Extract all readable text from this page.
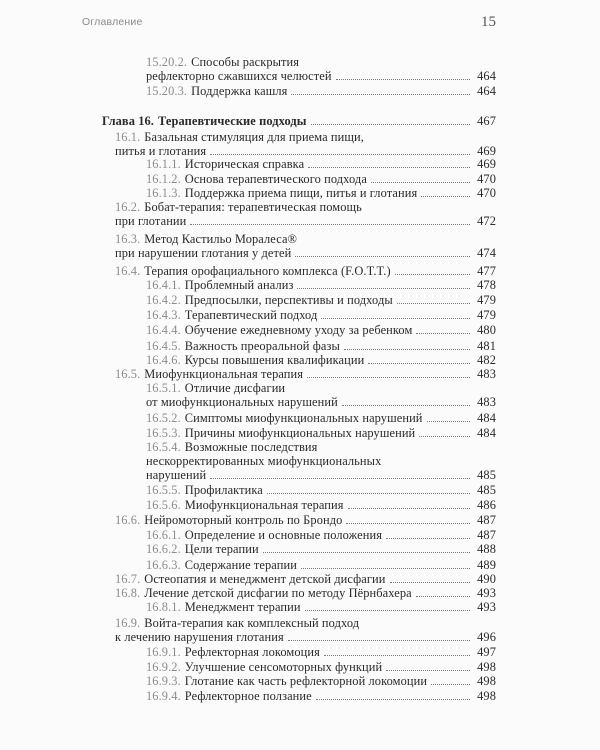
Оглавление	15
15.20.2. Способы раскрытия
рефлекторно сжавшихся челюстей	464
15.20.3. Поддержка кашля	464
Глава 16. Терапевтические подходы	467
16.1. Базальная стимуляция для приема пищи,
питья и глотания	469
16.1.1. Историческая справка	469
16.1.2. Основа терапевтического подхода	470
16.1.3. Поддержка приема пищи, питья и глотания	470
16.2. Бобат-терапия: терапевтическая помощь
при глотании	472
16.3. Метод Кастильо Моралеса®
при нарушении глотания у детей	474
16.4. Терапия орофациального комплекса (F.O.T.T.)	477
16.4.1. Проблемный анализ	478
16.4.2. Предпосылки, перспективы и подходы	479
16.4.3. Терапевтический подход	479
16.4.4. Обучение ежедневному уходу за ребенком	480
16.4.5. Важность преоральной фазы	481
16.4.6. Курсы повышения квалификации	482
16.5. Миофункциональная терапия	483
16.5.1. Отличие дисфагии
от миофункциональных нарушений	483
16.5.2. Симптомы миофункциональных нарушений	484
16.5.3. Причины миофункциональных нарушений	484
16.5.4. Возможные последствия
нескорректированных миофункциональных
нарушений	485
16.5.5. Профилактика	485
16.5.6. Миофункциональная терапия	486
16.6. Нейромоторный контроль по Брондо	487
16.6.1. Определение и основные положения	487
16.6.2. Цели терапии	488
16.6.3. Содержание терапии	489
16.7. Остеопатия и менеджмент детской дисфагии	490
16.8. Лечение детской дисфагии по методу Пёрнбахера	493
16.8.1. Менеджмент терапии	493
16.9. Войта-терапия как комплексный подход
к лечению нарушения глотания	496
16.9.1. Рефлекторная локомоция	497
16.9.2. Улучшение сенсомоторных функций	498
16.9.3. Глотание как часть рефлекторной локомоции	498
16.9.4. Рефлекторное ползание	498
